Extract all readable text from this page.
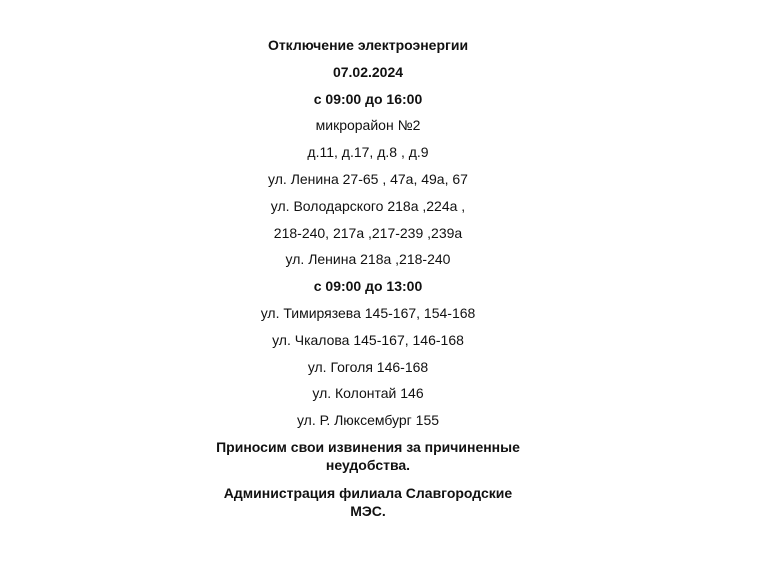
Отключение электроэнергии
07.02.2024
с 09:00 до 16:00
микрорайон №2
д.11, д.17, д.8 , д.9
ул. Ленина 27-65 , 47а, 49а, 67
ул. Володарского 218а ,224а ,
218-240, 217а ,217-239 ,239а
ул. Ленина 218а ,218-240
с 09:00 до 13:00
ул. Тимирязева 145-167, 154-168
ул. Чкалова 145-167, 146-168
ул. Гоголя 146-168
ул. Колонтай 146
ул. Р. Люксембург 155
Приносим свои извинения за причиненные
неудобства.
Администрация филиала Славгородские
МЭС.
